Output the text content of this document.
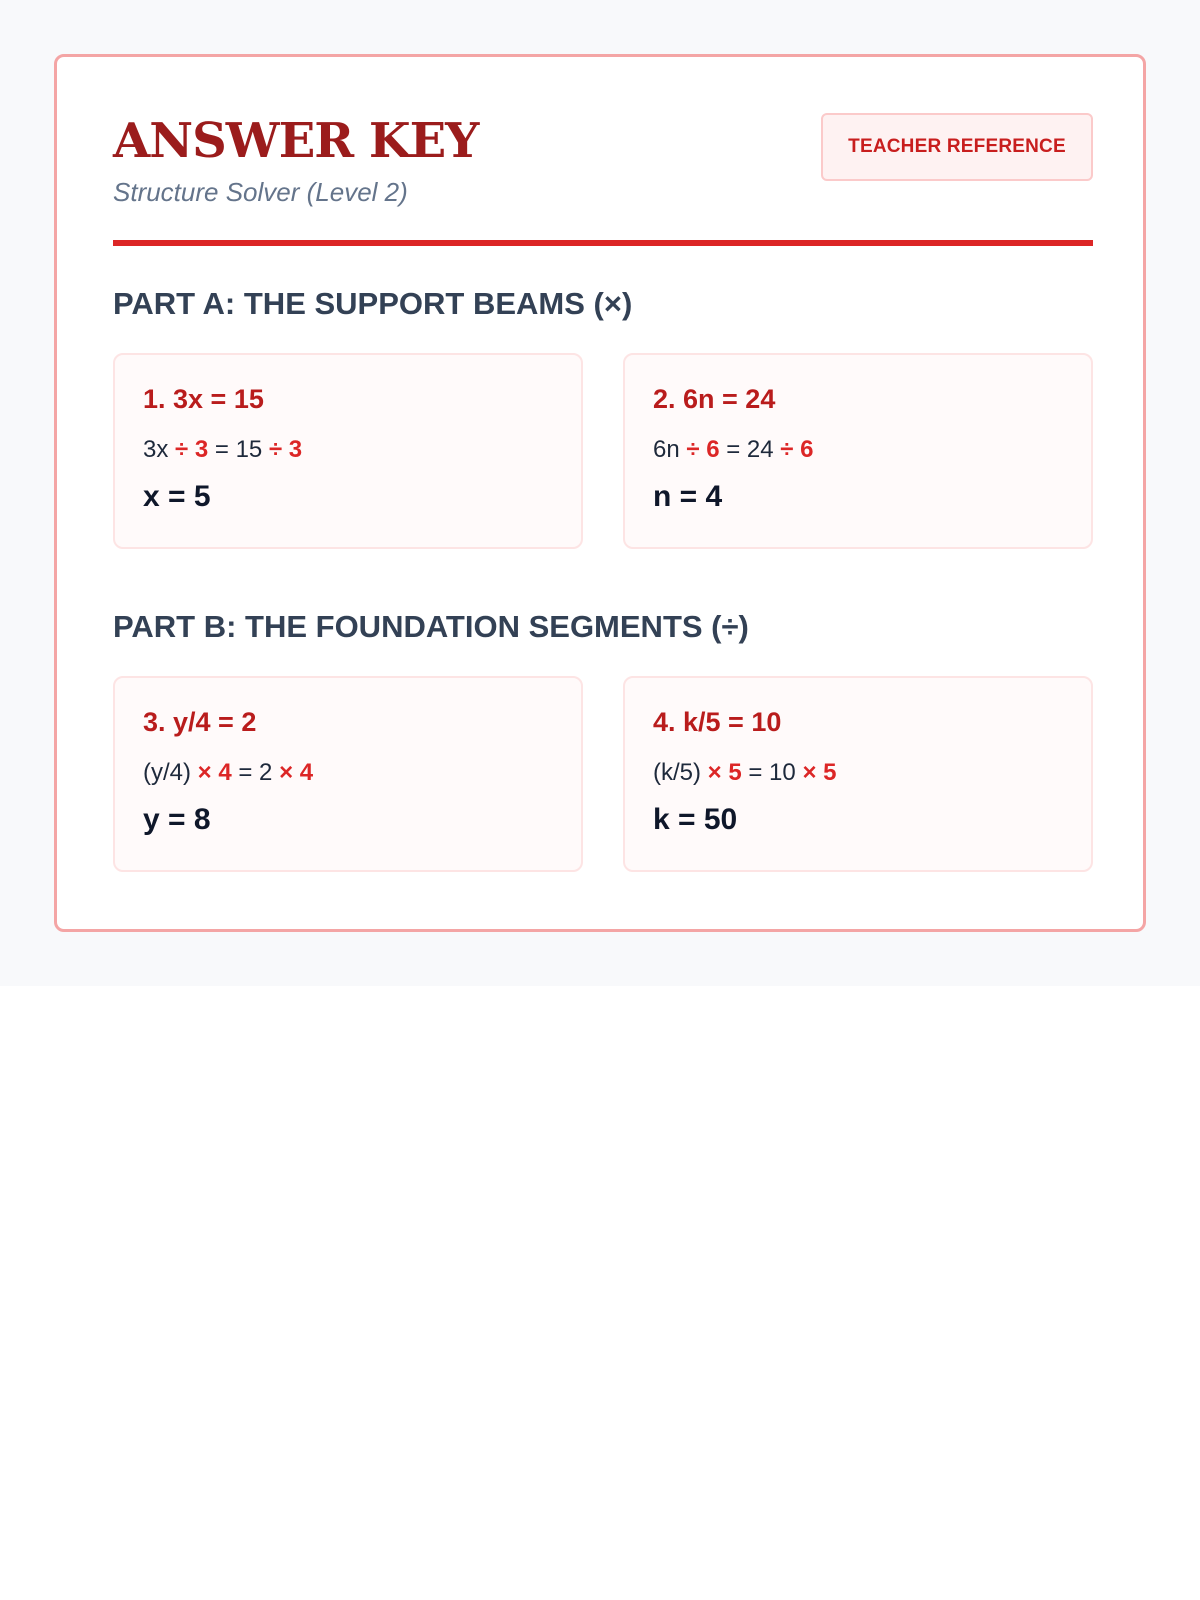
ANSWER KEY
Structure Solver (Level 2)
TEACHER REFERENCE
PART A: THE SUPPORT BEAMS (×)
1. 3x = 15
3x ÷ 3 = 15 ÷ 3
x = 5
2. 6n = 24
6n ÷ 6 = 24 ÷ 6
n = 4
PART B: THE FOUNDATION SEGMENTS (÷)
3. y/4 = 2
(y/4) × 4 = 2 × 4
y = 8
4. k/5 = 10
(k/5) × 5 = 10 × 5
k = 50
